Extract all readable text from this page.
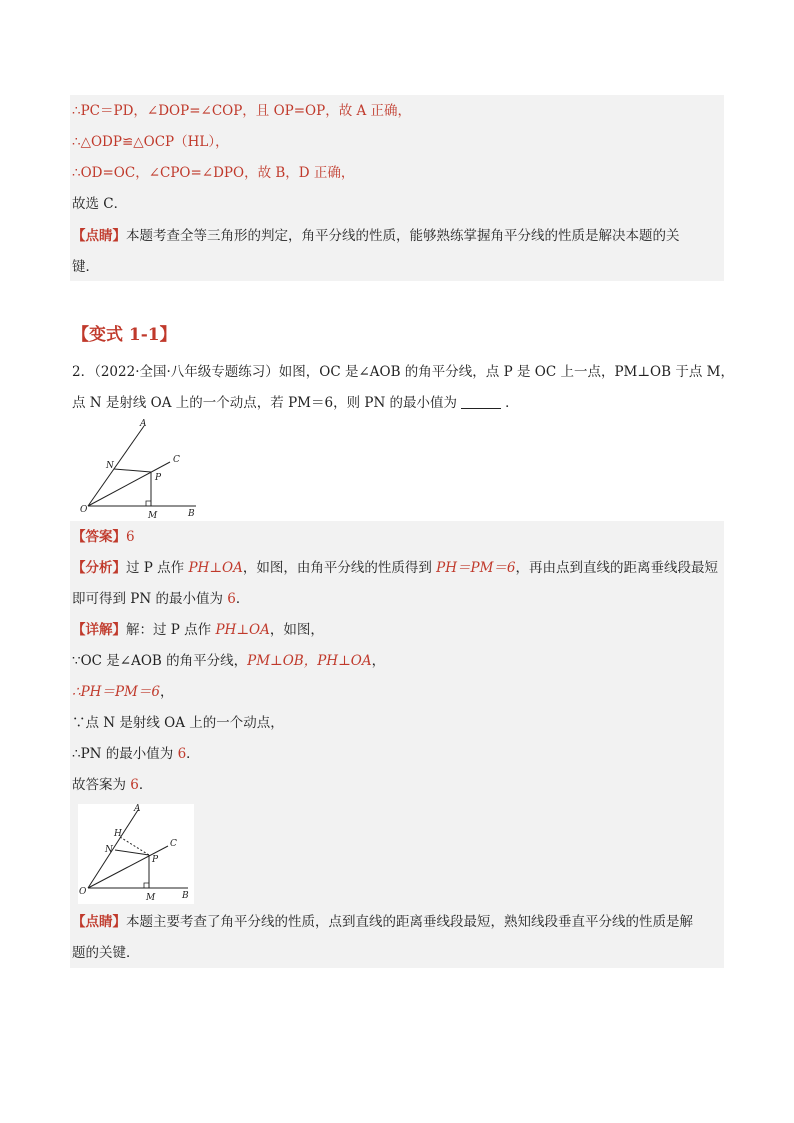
∴PC＝PD，∠DOP=∠COP，且 OP=OP，故 A 正确，
∴△ODP≌△OCP（HL），
∴OD=OC，∠CPO=∠DPO，故 B，D 正确，
故选 C．
【点睛】本题考查全等三角形的判定，角平分线的性质，能够熟练掌握角平分线的性质是解决本题的关
键．
【变式 1-1】
2．（2022·全国·八年级专题练习）如图，OC 是∠AOB 的角平分线，点 P 是 OC 上一点，PM⊥OB 于点 M，
点 N 是射线 OA 上的一个动点，若 PM＝6，则 PN 的最小值为	．
A
C
N
P
O
M	B
【答案】6
【分析】过 P 点作 PH⊥OA，如图，由角平分线的性质得到 PH＝PM＝6，再由点到直线的距离垂线段最短
即可得到 PN 的最小值为 6．
【详解】解：过 P 点作 PH⊥OA，如图，
∵OC 是∠AOB 的角平分线，PM⊥OB，PH⊥OA，
∴PH＝PM＝6，
∵点 N 是射线 OA 上的一个动点，
∴PN 的最小值为 6．
故答案为 6．
A
H
C
N
P
O
M	B
【点睛】本题主要考查了角平分线的性质，点到直线的距离垂线段最短，熟知线段垂直平分线的性质是解
题的关键．
